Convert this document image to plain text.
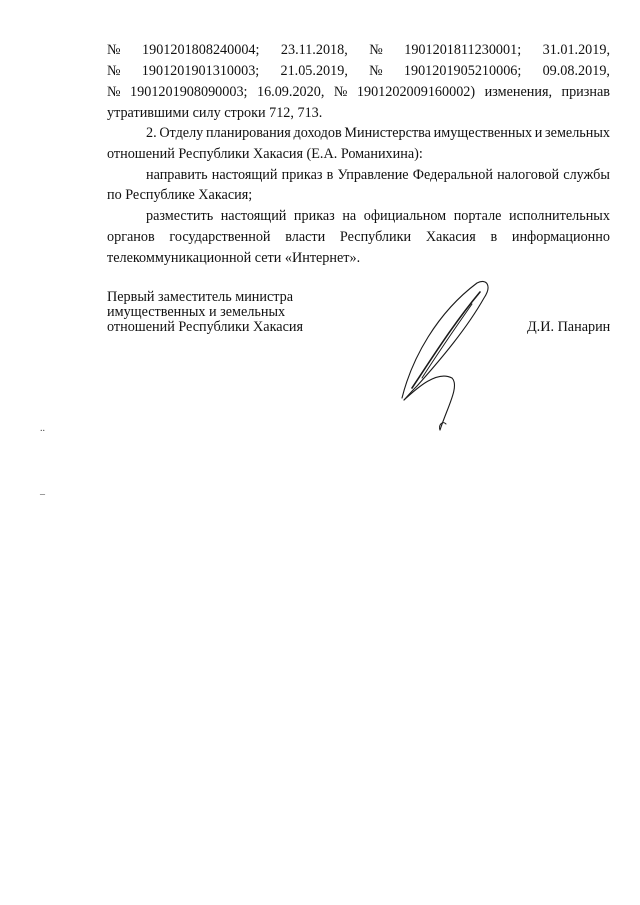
№ 1901201808240004; 23.11.2018, № 1901201811230001; 31.01.2019,
№ 1901201901310003; 21.05.2019, № 1901201905210006; 09.08.2019,
№ 1901201908090003; 16.09.2020, № 1901202009160002) изменения, признав
утратившими силу строки 712, 713.
2. Отделу планирования доходов Министерства имущественных и земельных
отношений Республики Хакасия (Е.А. Романихина):
направить настоящий приказ в Управление Федеральной налоговой службы
по Республике Хакасия;
разместить настоящий приказ на официальном портале исполнительных
органов государственной власти Республики Хакасия в информационно
телекоммуникационной сети «Интернет».
Первый заместитель министра
имущественных и земельных
отношений Республики Хакасия	Д.И. Панарин
..
_
